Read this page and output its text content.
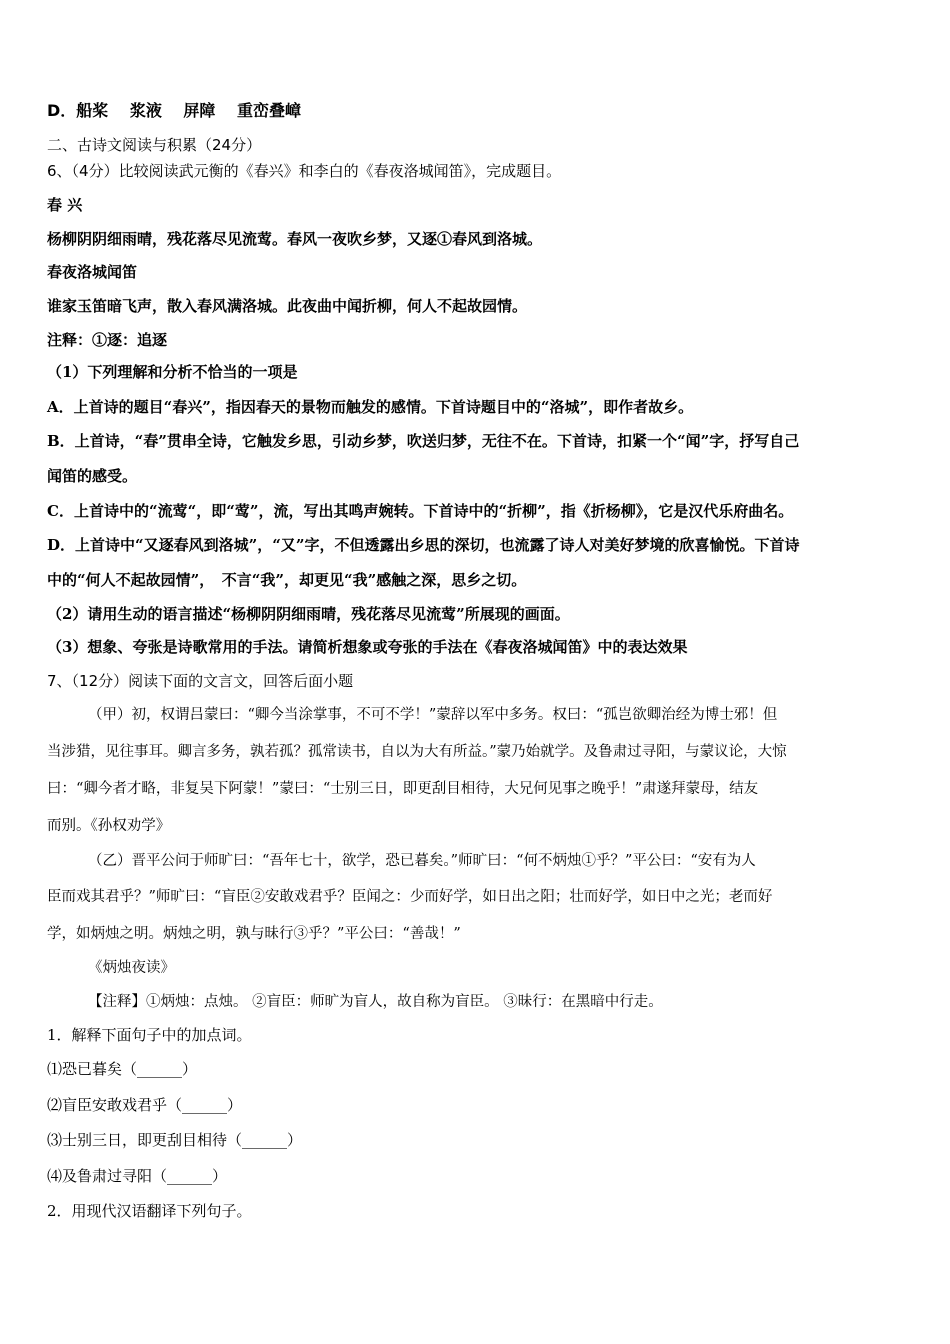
D．船桨　 浆液　 屏障　 重峦叠嶂
二、古诗文阅读与积累（24分）
6、（4分）比较阅读武元衡的《春兴》和李白的《春夜洛城闻笛》，完成题目。
春 兴
杨柳阴阴细雨晴，残花落尽见流莺。春风一夜吹乡梦，又逐①春风到洛城。
春夜洛城闻笛
谁家玉笛暗飞声，散入春风满洛城。此夜曲中闻折柳，何人不起故园情。
注释：①逐：追逐
（1）下列理解和分析不恰当的一项是
A．上首诗的题目“春兴”，指因春天的景物而触发的感情。下首诗题目中的“洛城”，即作者故乡。
B．上首诗，“春”贯串全诗，它触发乡思，引动乡梦，吹送归梦，无往不在。下首诗，扣紧一个“闻”字，抒写自己
闻笛的感受。
C．上首诗中的“流莺“，即“莺”，流，写出其鸣声婉转。下首诗中的“折柳”，指《折杨柳》，它是汉代乐府曲名。
D．上首诗中“又逐春风到洛城”，“又”字，不但透露出乡思的深切，也流露了诗人对美好梦境的欣喜愉悦。下首诗
中的“何人不起故园情”，　不言“我”，却更见“我”感触之深，思乡之切。
（2）请用生动的语言描述“杨柳阴阴细雨晴，残花落尽见流莺”所展现的画面。
（3）想象、夸张是诗歌常用的手法。请简析想象或夸张的手法在《春夜洛城闻笛》中的表达效果
7、（12分）阅读下面的文言文，回答后面小题
（甲）初，权谓吕蒙曰：“卿今当涂掌事，不可不学！”蒙辞以军中多务。权曰：“孤岂欲卿治经为博士邪！但
当涉猎，见往事耳。卿言多务，孰若孤？孤常读书，自以为大有所益。”蒙乃始就学。及鲁肃过寻阳，与蒙议论，大惊
曰：“卿今者才略，非复吴下阿蒙！”蒙曰：“士别三日，即更刮目相待，大兄何见事之晚乎！”肃遂拜蒙母，结友
而别。《孙权劝学》
（乙）晋平公问于师旷曰：“吾年七十，欲学，恐已暮矣。”师旷曰：“何不炳烛①乎？”平公曰：“安有为人
臣而戏其君乎？”师旷曰：“盲臣②安敢戏君乎？臣闻之：少而好学，如日出之阳；壮而好学，如日中之光；老而好
学，如炳烛之明。炳烛之明，孰与昧行③乎？”平公曰：“善哉！”
《炳烛夜读》
【注释】①炳烛：点烛。 ②盲臣：师旷为盲人，故自称为盲臣。 ③昧行：在黑暗中行走。
1．解释下面句子中的加点词。
⑴恐已暮矣（______）
⑵盲臣安敢戏君乎（______）
⑶士别三日，即更刮目相待（______）
⑷及鲁肃过寻阳（______）
2．用现代汉语翻译下列句子。
